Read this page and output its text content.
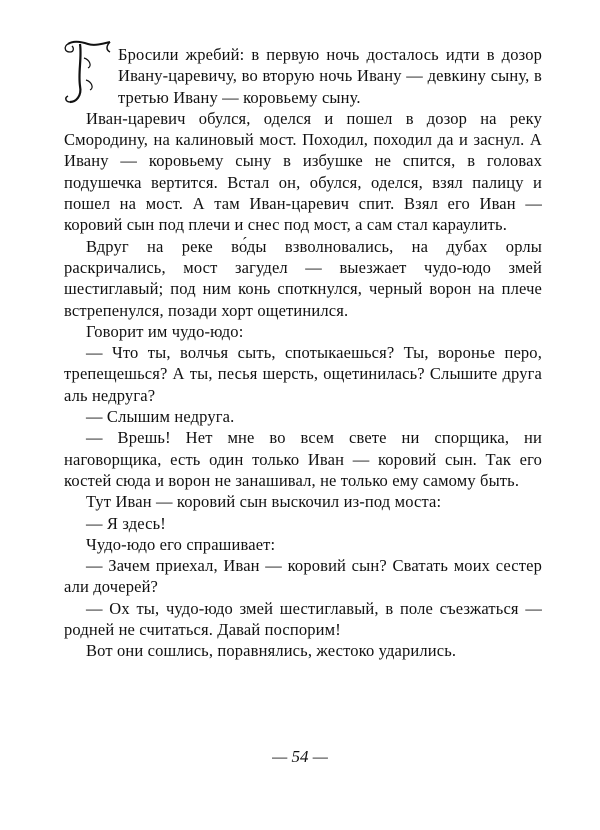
Бросили жребий: в первую ночь досталось идти в дозор Ивану-царевичу, во вторую ночь Ивану — девкину сыну, в третью Ивану — коровьему сыну.

Иван-царевич обулся, оделся и пошел в дозор на реку Смородину, на калиновый мост. Походил, походил да и заснул. А Ивану — коровьему сыну в избушке не спится, в головах подушечка вертится. Встал он, обулся, оделся, взял палицу и пошел на мост. А там Иван-царевич спит. Взял его Иван — коровий сын под плечи и снес под мост, а сам стал караулить.

Вдруг на реке во́ды взволновались, на дубах орлы раскричались, мост загудел — выезжает чудо-юдо змей шестиглавый; под ним конь споткнулся, черный ворон на плече встрепенулся, позади хорт ощетинился.

Говорит им чудо-юдо:

— Что ты, волчья сыть, спотыкаешься? Ты, воронье перо, трепещешься? А ты, песья шерсть, ощетинилась? Слышите друга аль недруга?

— Слышим недруга.

— Врешь! Нет мне во всем свете ни спорщика, ни наговорщика, есть один только Иван — коровий сын. Так его костей сюда и ворон не занашивал, не только ему самому быть.

Тут Иван — коровий сын выскочил из-под моста:

— Я здесь!

Чудо-юдо его спрашивает:

— Зачем приехал, Иван — коровий сын? Сватать моих сестер али дочерей?

— Ох ты, чудо-юдо змей шестиглавый, в поле съезжаться — родней не считаться. Давай поспорим!

Вот они сошлись, поравнялись, жестоко ударились.

— 54 —
